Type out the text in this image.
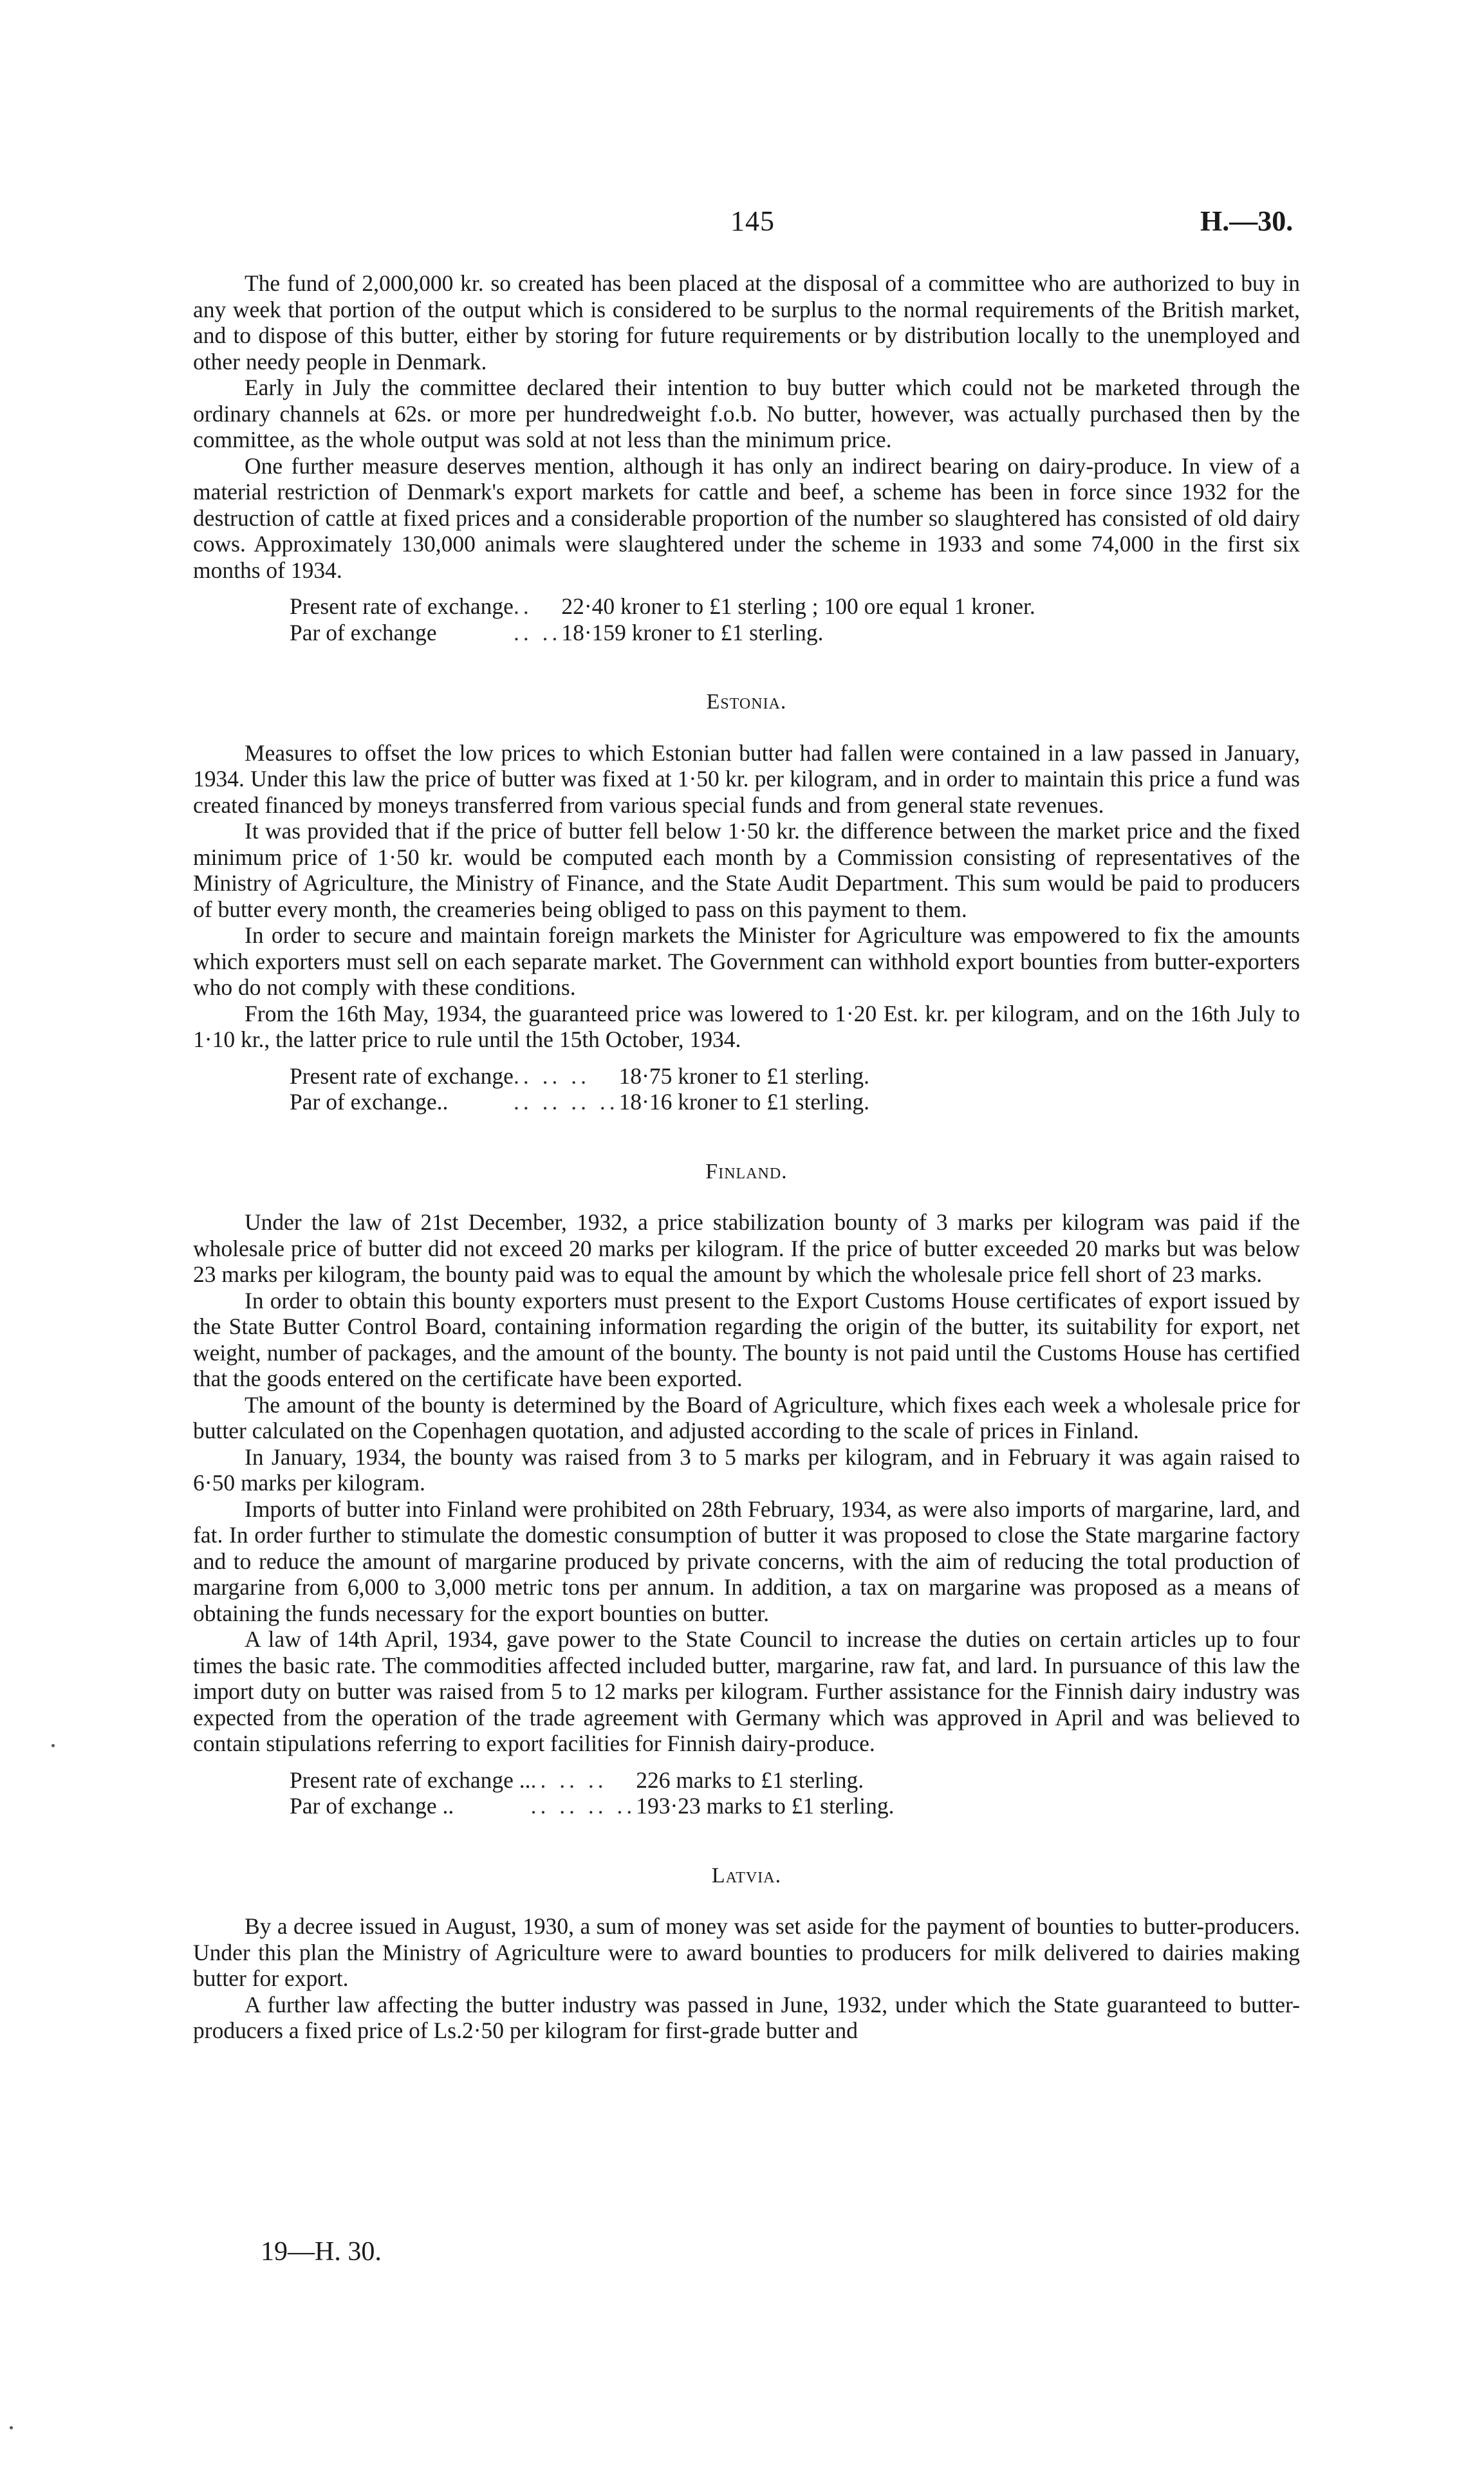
145	H.—30.

The fund of 2,000,000 kr. so created has been placed at the disposal of a committee who are authorized to buy in any week that portion of the output which is considered to be surplus to the normal requirements of the British market, and to dispose of this butter, either by storing for future requirements or by distribution locally to the unemployed and other needy people in Denmark.

Early in July the committee declared their intention to buy butter which could not be marketed through the ordinary channels at 62s. or more per hundredweight f.o.b. No butter, however, was actually purchased then by the committee, as the whole output was sold at not less than the minimum price.

One further measure deserves mention, although it has only an indirect bearing on dairy-produce. In view of a material restriction of Denmark's export markets for cattle and beef, a scheme has been in force since 1932 for the destruction of cattle at fixed prices and a considerable proportion of the number so slaughtered has consisted of old dairy cows. Approximately 130,000 animals were slaughtered under the scheme in 1933 and some 74,000 in the first six months of 1934.

Present rate of exchange	..	22·40 kroner to £1 sterling ; 100 ore equal 1 kroner.
Par of exchange	.. ..	18·159 kroner to £1 sterling.
Estonia.

Measures to offset the low prices to which Estonian butter had fallen were contained in a law passed in January, 1934. Under this law the price of butter was fixed at 1·50 kr. per kilogram, and in order to maintain this price a fund was created financed by moneys transferred from various special funds and from general state revenues.

It was provided that if the price of butter fell below 1·50 kr. the difference between the market price and the fixed minimum price of 1·50 kr. would be computed each month by a Commission consisting of representatives of the Ministry of Agriculture, the Ministry of Finance, and the State Audit Department. This sum would be paid to producers of butter every month, the creameries being obliged to pass on this payment to them.

In order to secure and maintain foreign markets the Minister for Agriculture was empowered to fix the amounts which exporters must sell on each separate market. The Government can withhold export bounties from butter-exporters who do not comply with these conditions.

From the 16th May, 1934, the guaranteed price was lowered to 1·20 Est. kr. per kilogram, and on the 16th July to 1·10 kr., the latter price to rule until the 15th October, 1934.

Present rate of exchange	.. .. ..	18·75 kroner to £1 sterling.
Par of exchange..	.. .. .. ..	18·16 kroner to £1 sterling.
Finland.

Under the law of 21st December, 1932, a price stabilization bounty of 3 marks per kilogram was paid if the wholesale price of butter did not exceed 20 marks per kilogram. If the price of butter exceeded 20 marks but was below 23 marks per kilogram, the bounty paid was to equal the amount by which the wholesale price fell short of 23 marks.

In order to obtain this bounty exporters must present to the Export Customs House certificates of export issued by the State Butter Control Board, containing information regarding the origin of the butter, its suitability for export, net weight, number of packages, and the amount of the bounty. The bounty is not paid until the Customs House has certified that the goods entered on the certificate have been exported.

The amount of the bounty is determined by the Board of Agriculture, which fixes each week a wholesale price for butter calculated on the Copenhagen quotation, and adjusted according to the scale of prices in Finland.

In January, 1934, the bounty was raised from 3 to 5 marks per kilogram, and in February it was again raised to 6·50 marks per kilogram.

Imports of butter into Finland were prohibited on 28th February, 1934, as were also imports of margarine, lard, and fat. In order further to stimulate the domestic consumption of butter it was proposed to close the State margarine factory and to reduce the amount of margarine produced by private concerns, with the aim of reducing the total production of margarine from 6,000 to 3,000 metric tons per annum. In addition, a tax on margarine was proposed as a means of obtaining the funds necessary for the export bounties on butter.

A law of 14th April, 1934, gave power to the State Council to increase the duties on certain articles up to four times the basic rate. The commodities affected included butter, margarine, raw fat, and lard. In pursuance of this law the import duty on butter was raised from 5 to 12 marks per kilogram. Further assistance for the Finnish dairy industry was expected from the operation of the trade agreement with Germany which was approved in April and was believed to contain stipulations referring to export facilities for Finnish dairy-produce.

Present rate of exchange ..	.. .. ..	226 marks to £1 sterling.
Par of exchange ..	.. .. .. ..	193·23 marks to £1 sterling.
Latvia.

By a decree issued in August, 1930, a sum of money was set aside for the payment of bounties to butter-producers. Under this plan the Ministry of Agriculture were to award bounties to producers for milk delivered to dairies making butter for export.

A further law affecting the butter industry was passed in June, 1932, under which the State guaranteed to butter-producers a fixed price of Ls.2·50 per kilogram for first-grade butter and

19—H. 30.
